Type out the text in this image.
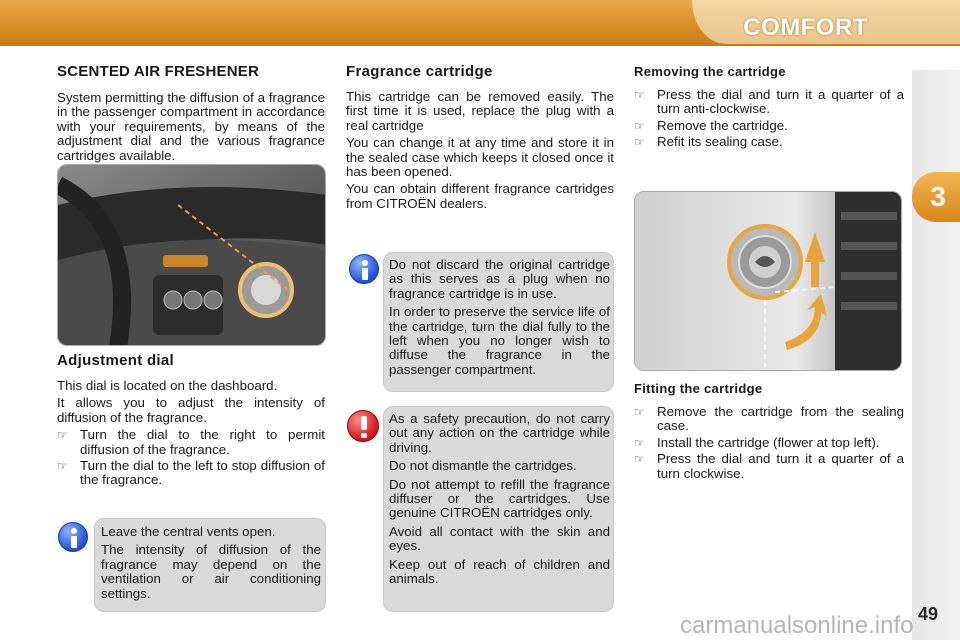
COMFORT
3
49
SCENTED AIR FRESHENER

System permitting the diffusion of a fragrance in the passenger compartment in accordance with your requirements, by means of the adjustment dial and the various fragrance cartridges available.

Adjustment dial

This dial is located on the dashboard.

It allows you to adjust the intensity of diffusion of the fragrance.

☞ Turn the dial to the right to permit diffusion of the fragrance.
☞ Turn the dial to the left to stop diffusion of the fragrance.

Leave the central vents open.

The intensity of diffusion of the fragrance may depend on the ventilation or air conditioning settings.

Fragrance cartridge

This cartridge can be removed easily. The first time it is used, replace the plug with a real cartridge

You can change it at any time and store it in the sealed case which keeps it closed once it has been opened.

You can obtain different fragrance cartridges from CITROËN dealers.

Do not discard the original cartridge as this serves as a plug when no fragrance cartridge is in use.

In order to preserve the service life of the cartridge, turn the dial fully to the left when you no longer wish to diffuse the fragrance in the passenger compartment.

As a safety precaution, do not carry out any action on the cartridge while driving.

Do not dismantle the cartridges.

Do not attempt to refill the fragrance diffuser or the cartridges. Use genuine CITROËN cartridges only.

Avoid all contact with the skin and eyes.

Keep out of reach of children and animals.

Removing the cartridge
☞ Press the dial and turn it a quarter of a turn anti-clockwise.
☞ Remove the cartridge.
☞ Refit its sealing case.
Fitting the cartridge
☞ Remove the cartridge from the sealing case.
☞ Install the cartridge (flower at top left).
☞ Press the dial and turn it a quarter of a turn clockwise.
carmanualsonline.info
